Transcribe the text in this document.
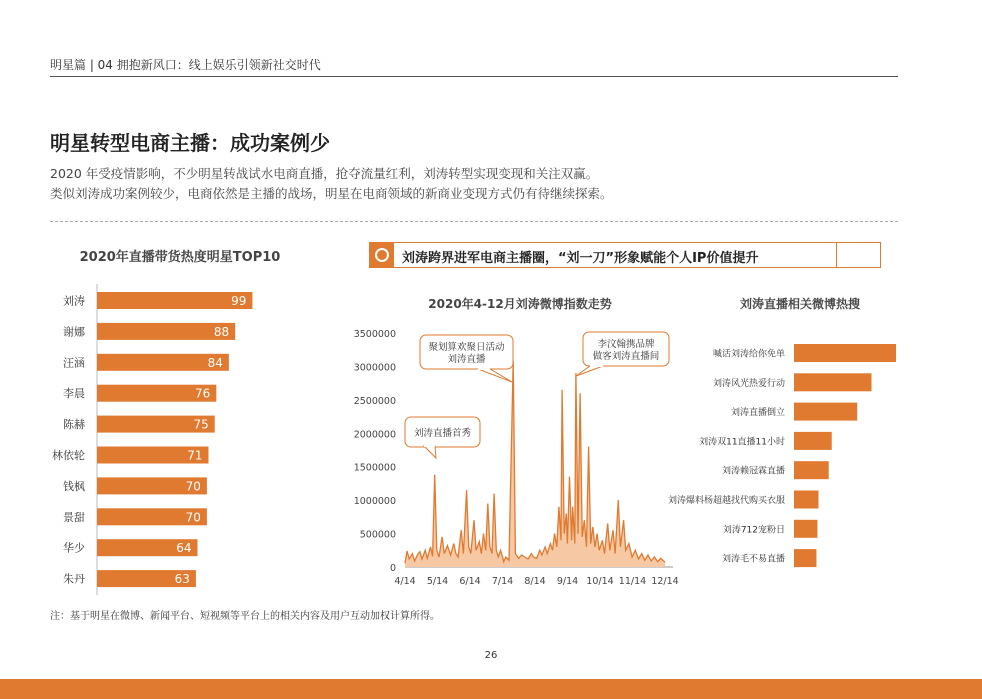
明星篇 | 04 拥抱新风口：线上娱乐引领新社交时代
明星转型电商主播：成功案例少
2020 年受疫情影响，不少明星转战试水电商直播，抢夺流量红利，刘涛转型实现变现和关注双赢。
类似刘涛成功案例较少，电商依然是主播的战场，明星在电商领域的新商业变现方式仍有待继续探索。
2020年直播带货热度明星TOP10	刘涛跨界进军电商主播圈，“刘一刀”形象赋能个人IP价值提升
2020年4-12月刘涛微博指数走势	刘涛直播相关微博热搜
刘涛	99
谢娜	88
汪涵	84
李晨	76
陈赫	75
林依轮	71
钱枫	70
景甜	70
华少	64
朱丹	63
0
500000
1000000
1500000
2000000
2500000
3000000
3500000
4/14 5/14 6/14 7/14 8/14 9/14 10/14 11/14 12/14
刘涛直播首秀
聚划算欢聚日活动
刘涛直播
李汶翰携品牌
做客刘涛直播间	喊话刘涛给你免单
刘涛风光热爱行动
刘涛直播倒立
刘涛双11直播11小时
刘涛赖冠霖直播
刘涛爆料杨超越找代购买衣服
刘涛712宠粉日
刘涛毛不易直播
注：基于明星在微博、新闻平台、短视频等平台上的相关内容及用户互动加权计算所得。
26
